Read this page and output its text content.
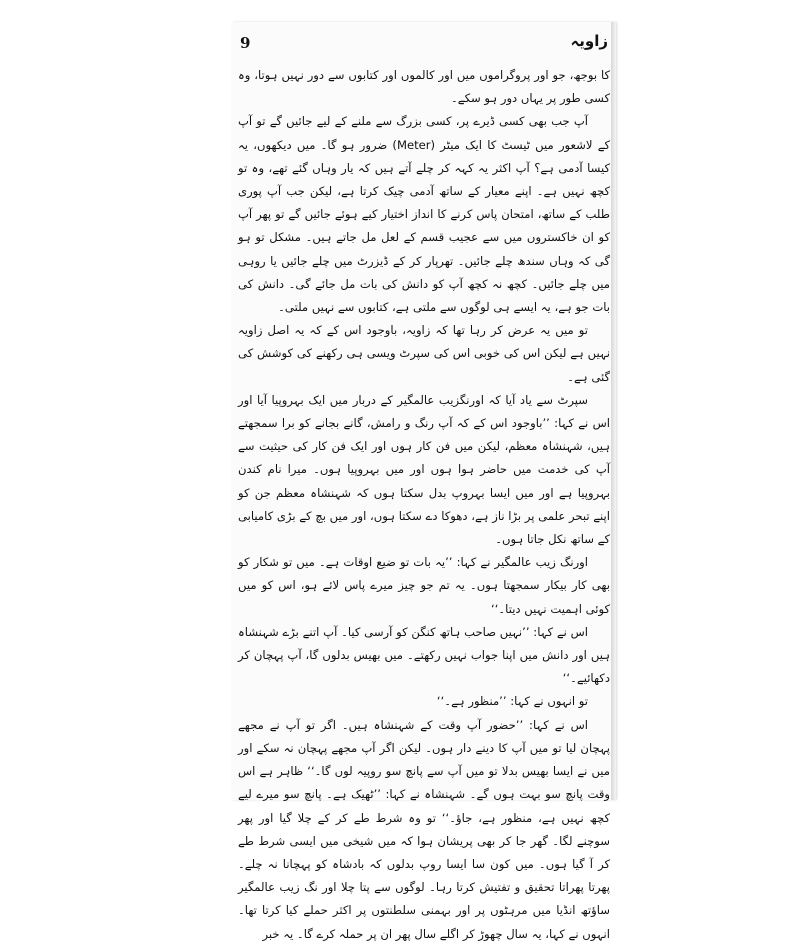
9	زاویہ

کا بوجھ، جو اور پروگراموں میں اور کالموں اور کتابوں سے دور نہیں ہوتا، وہ کسی طور پر یہاں دور ہو سکے۔

آپ جب بھی کسی ڈیرے پر، کسی بزرگ سے ملنے کے لیے جائیں گے تو آپ کے لاشعور میں ٹیسٹ کا ایک میٹر (Meter) ضرور ہو گا۔ میں دیکھوں، یہ کیسا آدمی ہے؟ آپ اکثر یہ کہہ کر چلے آتے ہیں کہ یار وہاں گئے تھے، وہ تو کچھ نہیں ہے۔ اپنے معیار کے ساتھ آدمی چیک کرتا ہے، لیکن جب آپ پوری طلب کے ساتھ، امتحان پاس کرنے کا انداز اختیار کیے ہوئے جائیں گے تو پھر آپ کو ان خاکستروں میں سے عجیب قسم کے لعل مل جاتے ہیں۔ مشکل تو ہو گی کہ وہاں سندھ چلے جائیں۔ تھرپار کر کے ڈیزرٹ میں چلے جائیں یا روہی میں چلے جائیں۔ کچھ نہ کچھ آپ کو دانش کی بات مل جائے گی۔ دانش کی بات جو ہے، یہ ایسے ہی لوگوں سے ملتی ہے، کتابوں سے نہیں ملتی۔

تو میں یہ عرض کر رہا تھا کہ زاویہ، باوجود اس کے کہ یہ اصل زاویہ نہیں ہے لیکن اس کی خوبی اس کی سپرٹ ویسی ہی رکھنے کی کوشش کی گئی ہے۔

سپرٹ سے یاد آیا کہ اورنگزیب عالمگیر کے دربار میں ایک بہروپیا آیا اور اس نے کہا: ’’باوجود اس کے کہ آپ رنگ و رامش، گانے بجانے کو برا سمجھتے ہیں، شہنشاہ معظم، لیکن میں فن کار ہوں اور ایک فن کار کی حیثیت سے آپ کی خدمت میں حاضر ہوا ہوں اور میں بہروپیا ہوں۔ میرا نام کندن بہروپیا ہے اور میں ایسا بہروپ بدل سکتا ہوں کہ شہنشاہ معظم جن کو اپنے تبحر علمی پر بڑا ناز ہے، دھوکا دے سکتا ہوں، اور میں بچ کے بڑی کامیابی کے ساتھ نکل جاتا ہوں۔

اورنگ زیب عالمگیر نے کہا: ’’یہ بات تو ضیع اوقات ہے۔ میں تو شکار کو بھی کار بیکار سمجھتا ہوں۔ یہ تم جو چیز میرے پاس لائے ہو، اس کو میں کوئی اہمیت نہیں دیتا۔‘‘

اس نے کہا: ’’نہیں صاحب ہاتھ کنگن کو آرسی کیا۔ آپ اتنے بڑے شہنشاہ ہیں اور دانش میں اپنا جواب نہیں رکھتے۔ میں بھیس بدلوں گا، آپ پہچان کر دکھائیے۔‘‘

تو انہوں نے کہا: ’’منظور ہے۔‘‘

اس نے کہا: ’’حضور آپ وقت کے شہنشاہ ہیں۔ اگر تو آپ نے مجھے پہچان لیا تو میں آپ کا دینے دار ہوں۔ لیکن اگر آپ مجھے پہچان نہ سکے اور میں نے ایسا بھیس بدلا تو میں آپ سے پانچ سو روپیہ لوں گا۔‘‘ ظاہر ہے اس وقت پانچ سو بہت ہوں گے۔ شہنشاہ نے کہا: ’’ٹھیک ہے۔ پانچ سو میرے لیے کچھ نہیں ہے، منظور ہے، جاؤ۔‘‘ تو وہ شرط طے کر کے چلا گیا اور پھر سوچنے لگا۔ گھر جا کر بھی پریشان ہوا کہ میں شیخی میں ایسی شرط طے کر آ گیا ہوں۔ میں کون سا ایسا روپ بدلوں کہ بادشاہ کو پہچانا نہ چلے۔ پھرتا پھراتا تحقیق و تفتیش کرتا رہا۔ لوگوں سے پتا چلا اور نگ زیب عالمگیر ساؤتھ انڈیا میں مرہٹوں پر اور بہمنی سلطنتوں پر اکثر حملے کیا کرتا تھا۔ انہوں نے کہا، یہ سال چھوڑ کر اگلے سال پھر ان پر حملہ کرے گا۔ یہ خبر
